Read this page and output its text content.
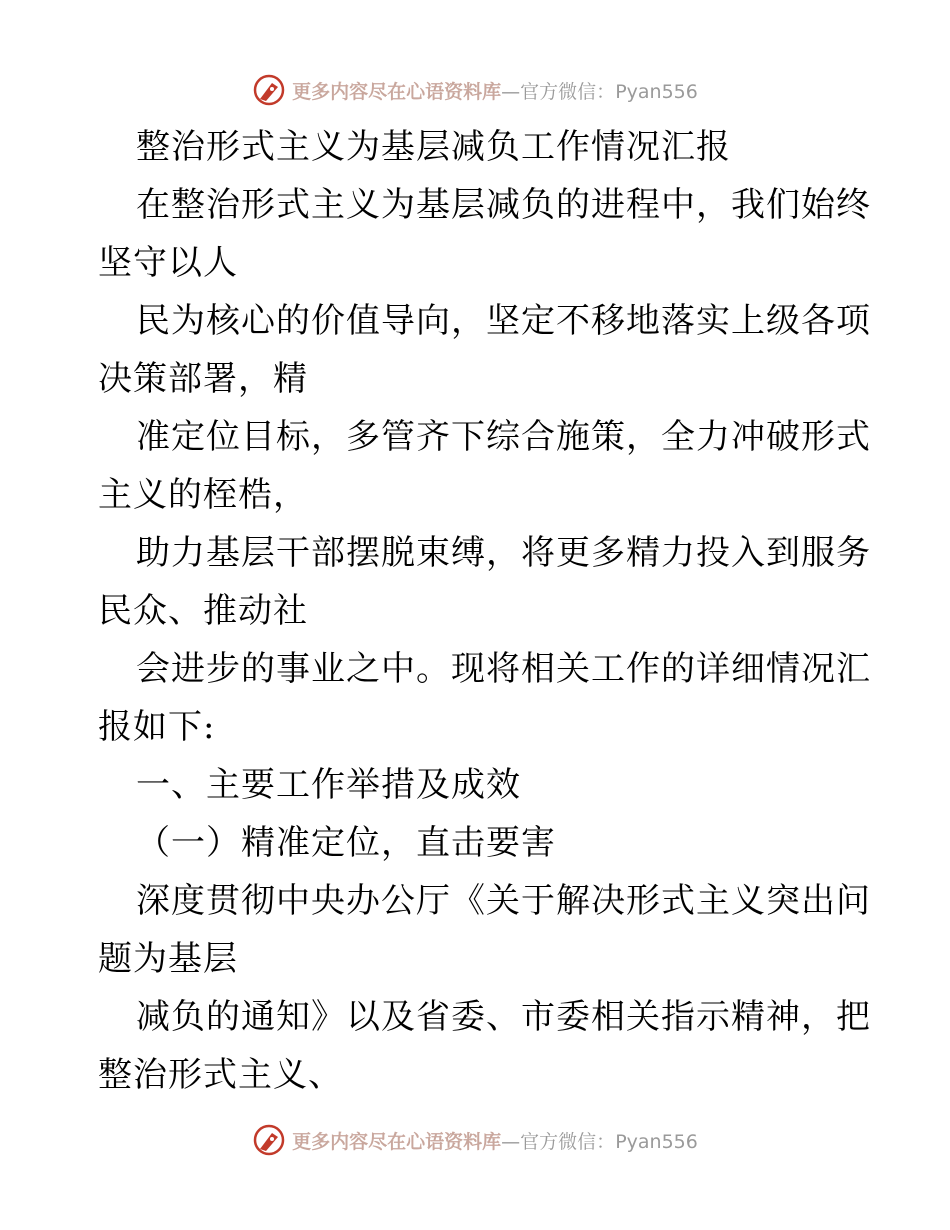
更多内容尽在心语资料库—官方微信：Pyan556
整治形式主义为基层减负工作情况汇报
在整治形式主义为基层减负的进程中，我们始终
坚守以人
民为核心的价值导向，坚定不移地落实上级各项
决策部署，精
准定位目标，多管齐下综合施策，全力冲破形式
主义的桎梏，
助力基层干部摆脱束缚，将更多精力投入到服务
民众、推动社
会进步的事业之中。现将相关工作的详细情况汇
报如下:
一、主要工作举措及成效
（一）精准定位，直击要害
深度贯彻中央办公厅《关于解决形式主义突出问
题为基层
减负的通知》以及省委、市委相关指示精神，把
整治形式主义、
更多内容尽在心语资料库—官方微信：Pyan556
